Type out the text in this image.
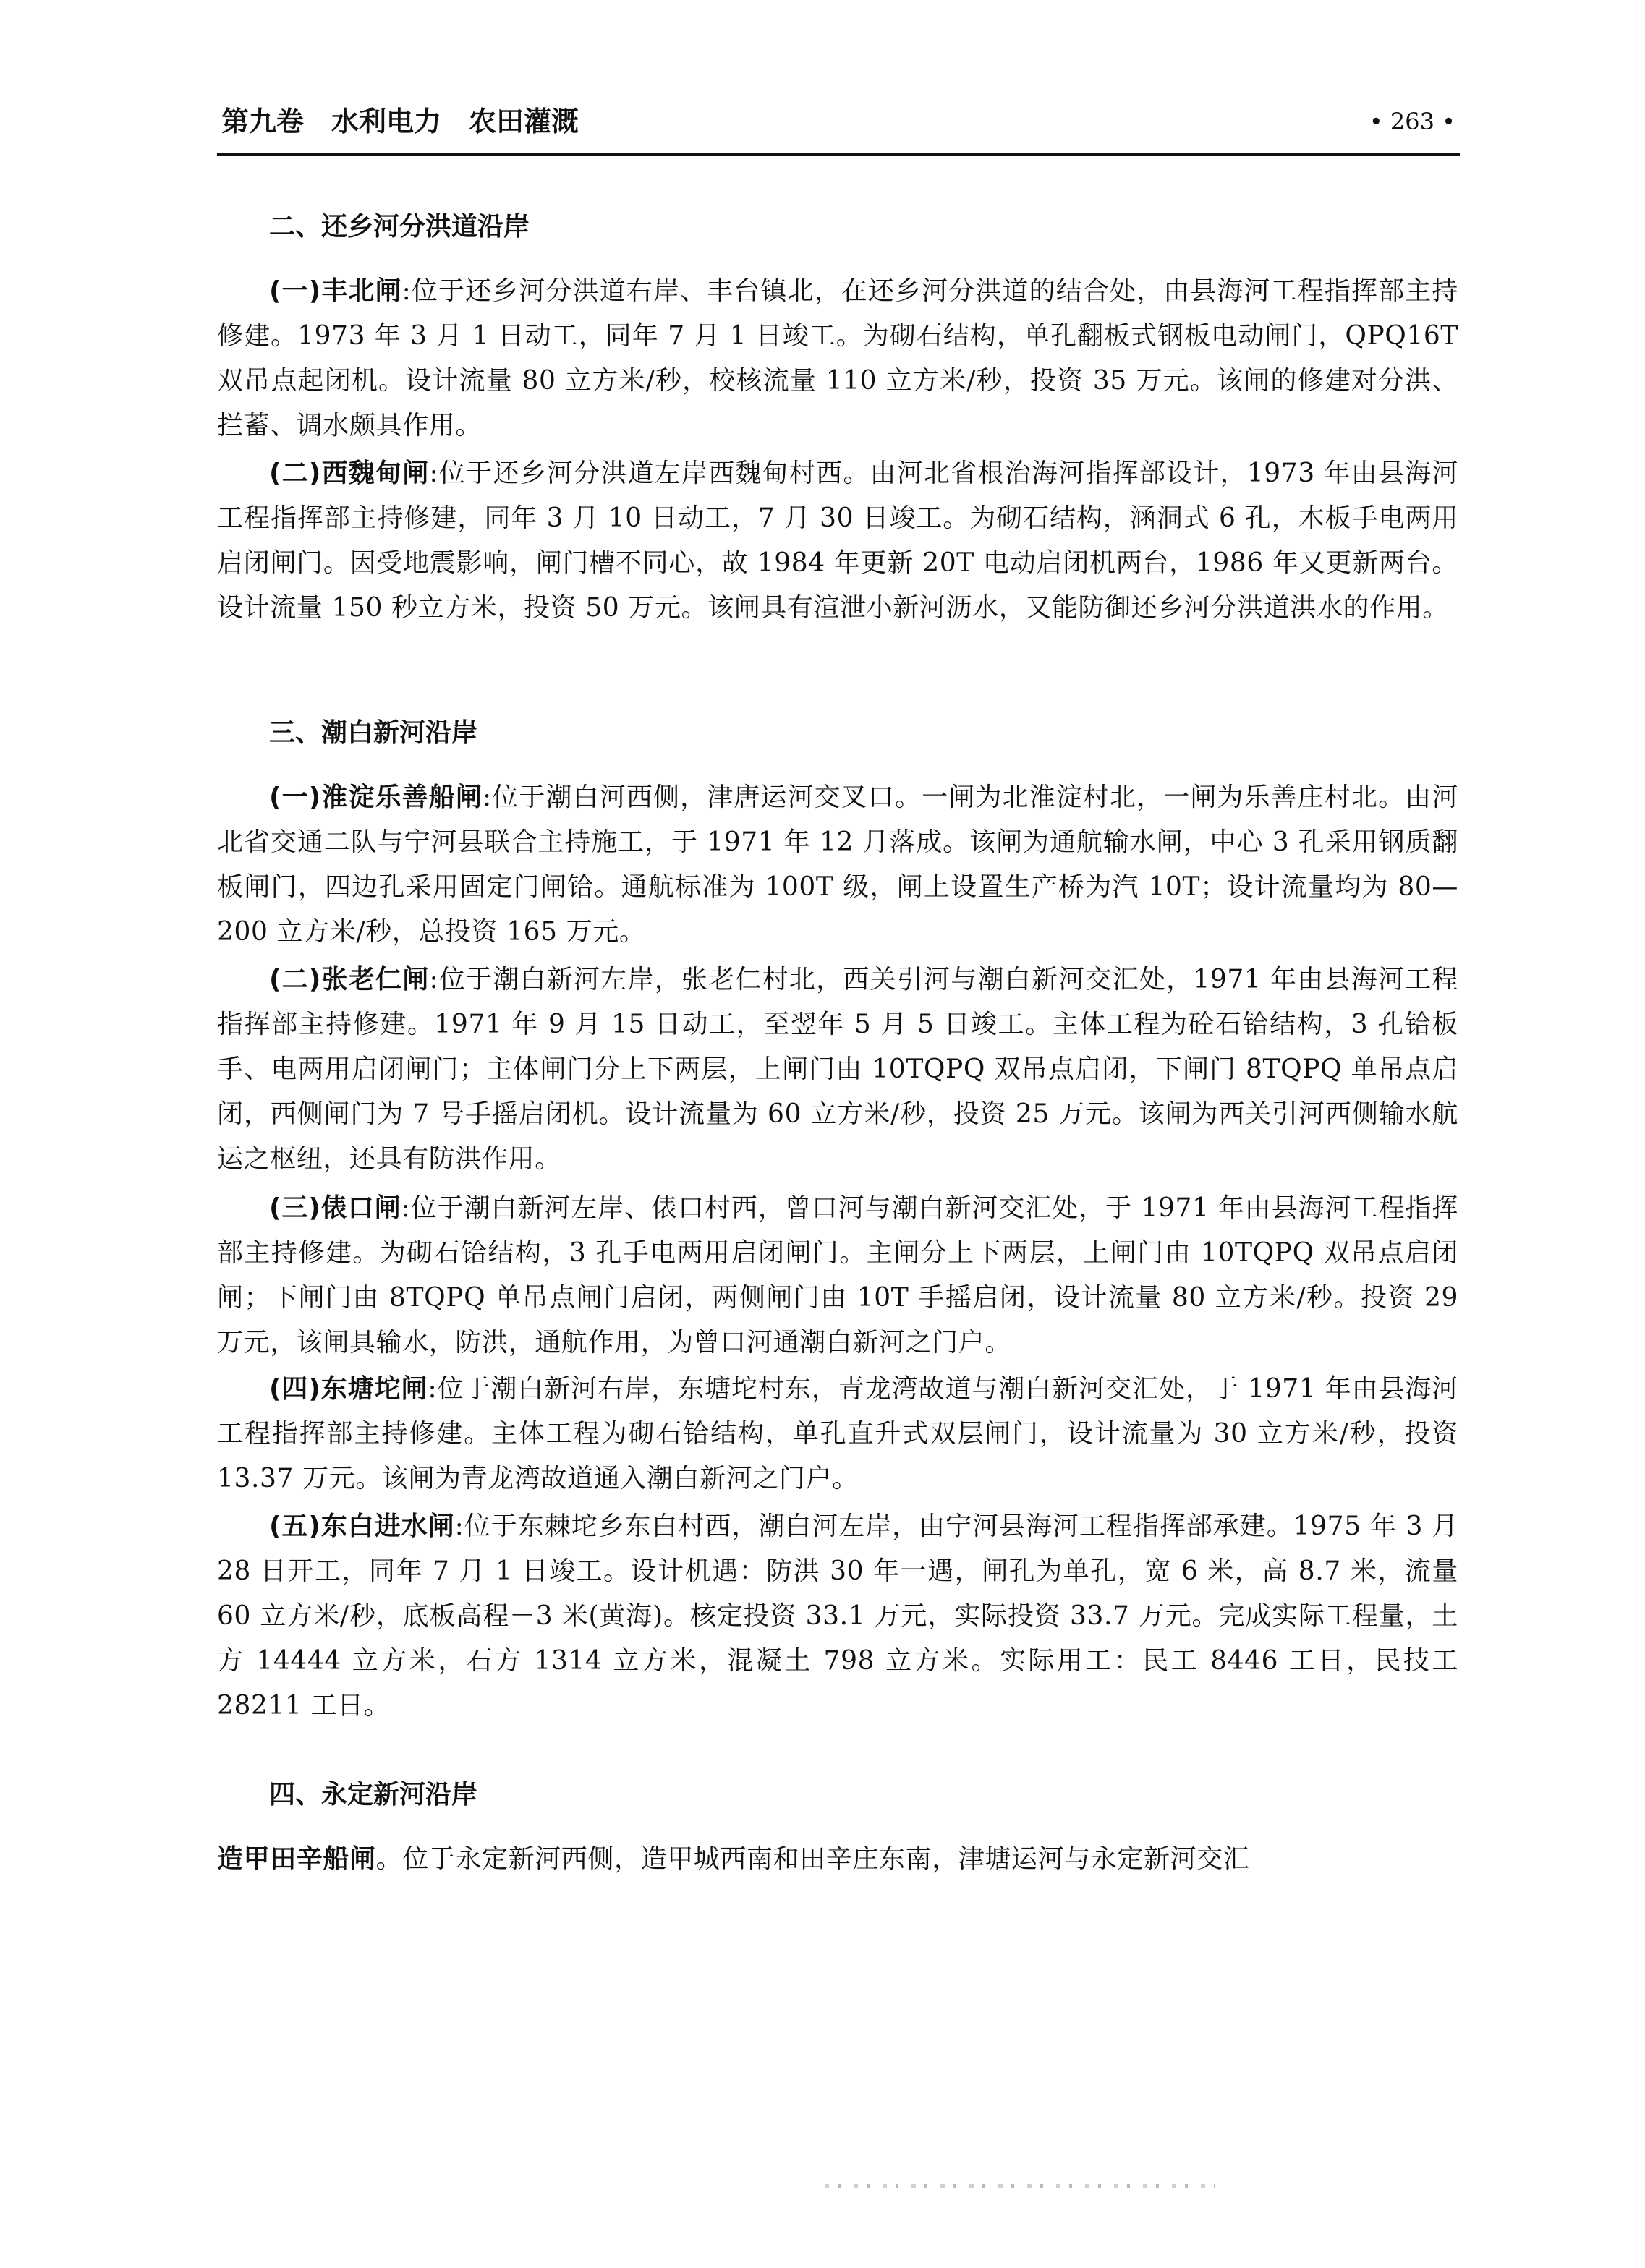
第九卷　水利电力　农田灌溉	• 263 •
二、还乡河分洪道沿岸

(一)丰北闸:位于还乡河分洪道右岸、丰台镇北，在还乡河分洪道的结合处，由县海河工程指挥部主持修建。1973 年 3 月 1 日动工，同年 7 月 1 日竣工。为砌石结构，单孔翻板式钢板电动闸门，QPQ16T 双吊点起闭机。设计流量 80 立方米/秒，校核流量 110 立方米/秒，投资 35 万元。该闸的修建对分洪、拦蓄、调水颇具作用。

(二)西魏甸闸:位于还乡河分洪道左岸西魏甸村西。由河北省根治海河指挥部设计，1973 年由县海河工程指挥部主持修建，同年 3 月 10 日动工，7 月 30 日竣工。为砌石结构，涵洞式 6 孔，木板手电两用启闭闸门。因受地震影响，闸门槽不同心，故 1984 年更新 20T 电动启闭机两台，1986 年又更新两台。设计流量 150 秒立方米，投资 50 万元。该闸具有渲泄小新河沥水，又能防御还乡河分洪道洪水的作用。

三、潮白新河沿岸

(一)淮淀乐善船闸:位于潮白河西侧，津唐运河交叉口。一闸为北淮淀村北，一闸为乐善庄村北。由河北省交通二队与宁河县联合主持施工，于 1971 年 12 月落成。该闸为通航输水闸，中心 3 孔采用钢质翻板闸门，四边孔采用固定门闸铪。通航标准为 100T 级，闸上设置生产桥为汽 10T；设计流量均为 80—200 立方米/秒，总投资 165 万元。

(二)张老仁闸:位于潮白新河左岸，张老仁村北，西关引河与潮白新河交汇处，1971 年由县海河工程指挥部主持修建。1971 年 9 月 15 日动工，至翌年 5 月 5 日竣工。主体工程为砼石铪结构，3 孔铪板手、电两用启闭闸门；主体闸门分上下两层，上闸门由 10TQPQ 双吊点启闭，下闸门 8TQPQ 单吊点启闭，西侧闸门为 7 号手摇启闭机。设计流量为 60 立方米/秒，投资 25 万元。该闸为西关引河西侧输水航运之枢纽，还具有防洪作用。

(三)俵口闸:位于潮白新河左岸、俵口村西，曾口河与潮白新河交汇处，于 1971 年由县海河工程指挥部主持修建。为砌石铪结构，3 孔手电两用启闭闸门。主闸分上下两层，上闸门由 10TQPQ 双吊点启闭闸；下闸门由 8TQPQ 单吊点闸门启闭，两侧闸门由 10T 手摇启闭，设计流量 80 立方米/秒。投资 29 万元，该闸具输水，防洪，通航作用，为曾口河通潮白新河之门户。

(四)东塘坨闸:位于潮白新河右岸，东塘坨村东，青龙湾故道与潮白新河交汇处，于 1971 年由县海河工程指挥部主持修建。主体工程为砌石铪结构，单孔直升式双层闸门，设计流量为 30 立方米/秒，投资 13.37 万元。该闸为青龙湾故道通入潮白新河之门户。

(五)东白进水闸:位于东棘坨乡东白村西，潮白河左岸，由宁河县海河工程指挥部承建。1975 年 3 月 28 日开工，同年 7 月 1 日竣工。设计机遇：防洪 30 年一遇，闸孔为单孔，宽 6 米，高 8.7 米，流量 60 立方米/秒，底板高程－3 米(黄海)。核定投资 33.1 万元，实际投资 33.7 万元。完成实际工程量，土方 14444 立方米，石方 1314 立方米，混凝土 798 立方米。实际用工：民工 8446 工日，民技工 28211 工日。

四、永定新河沿岸

造甲田辛船闸。位于永定新河西侧，造甲城西南和田辛庄东南，津塘运河与永定新河交汇
